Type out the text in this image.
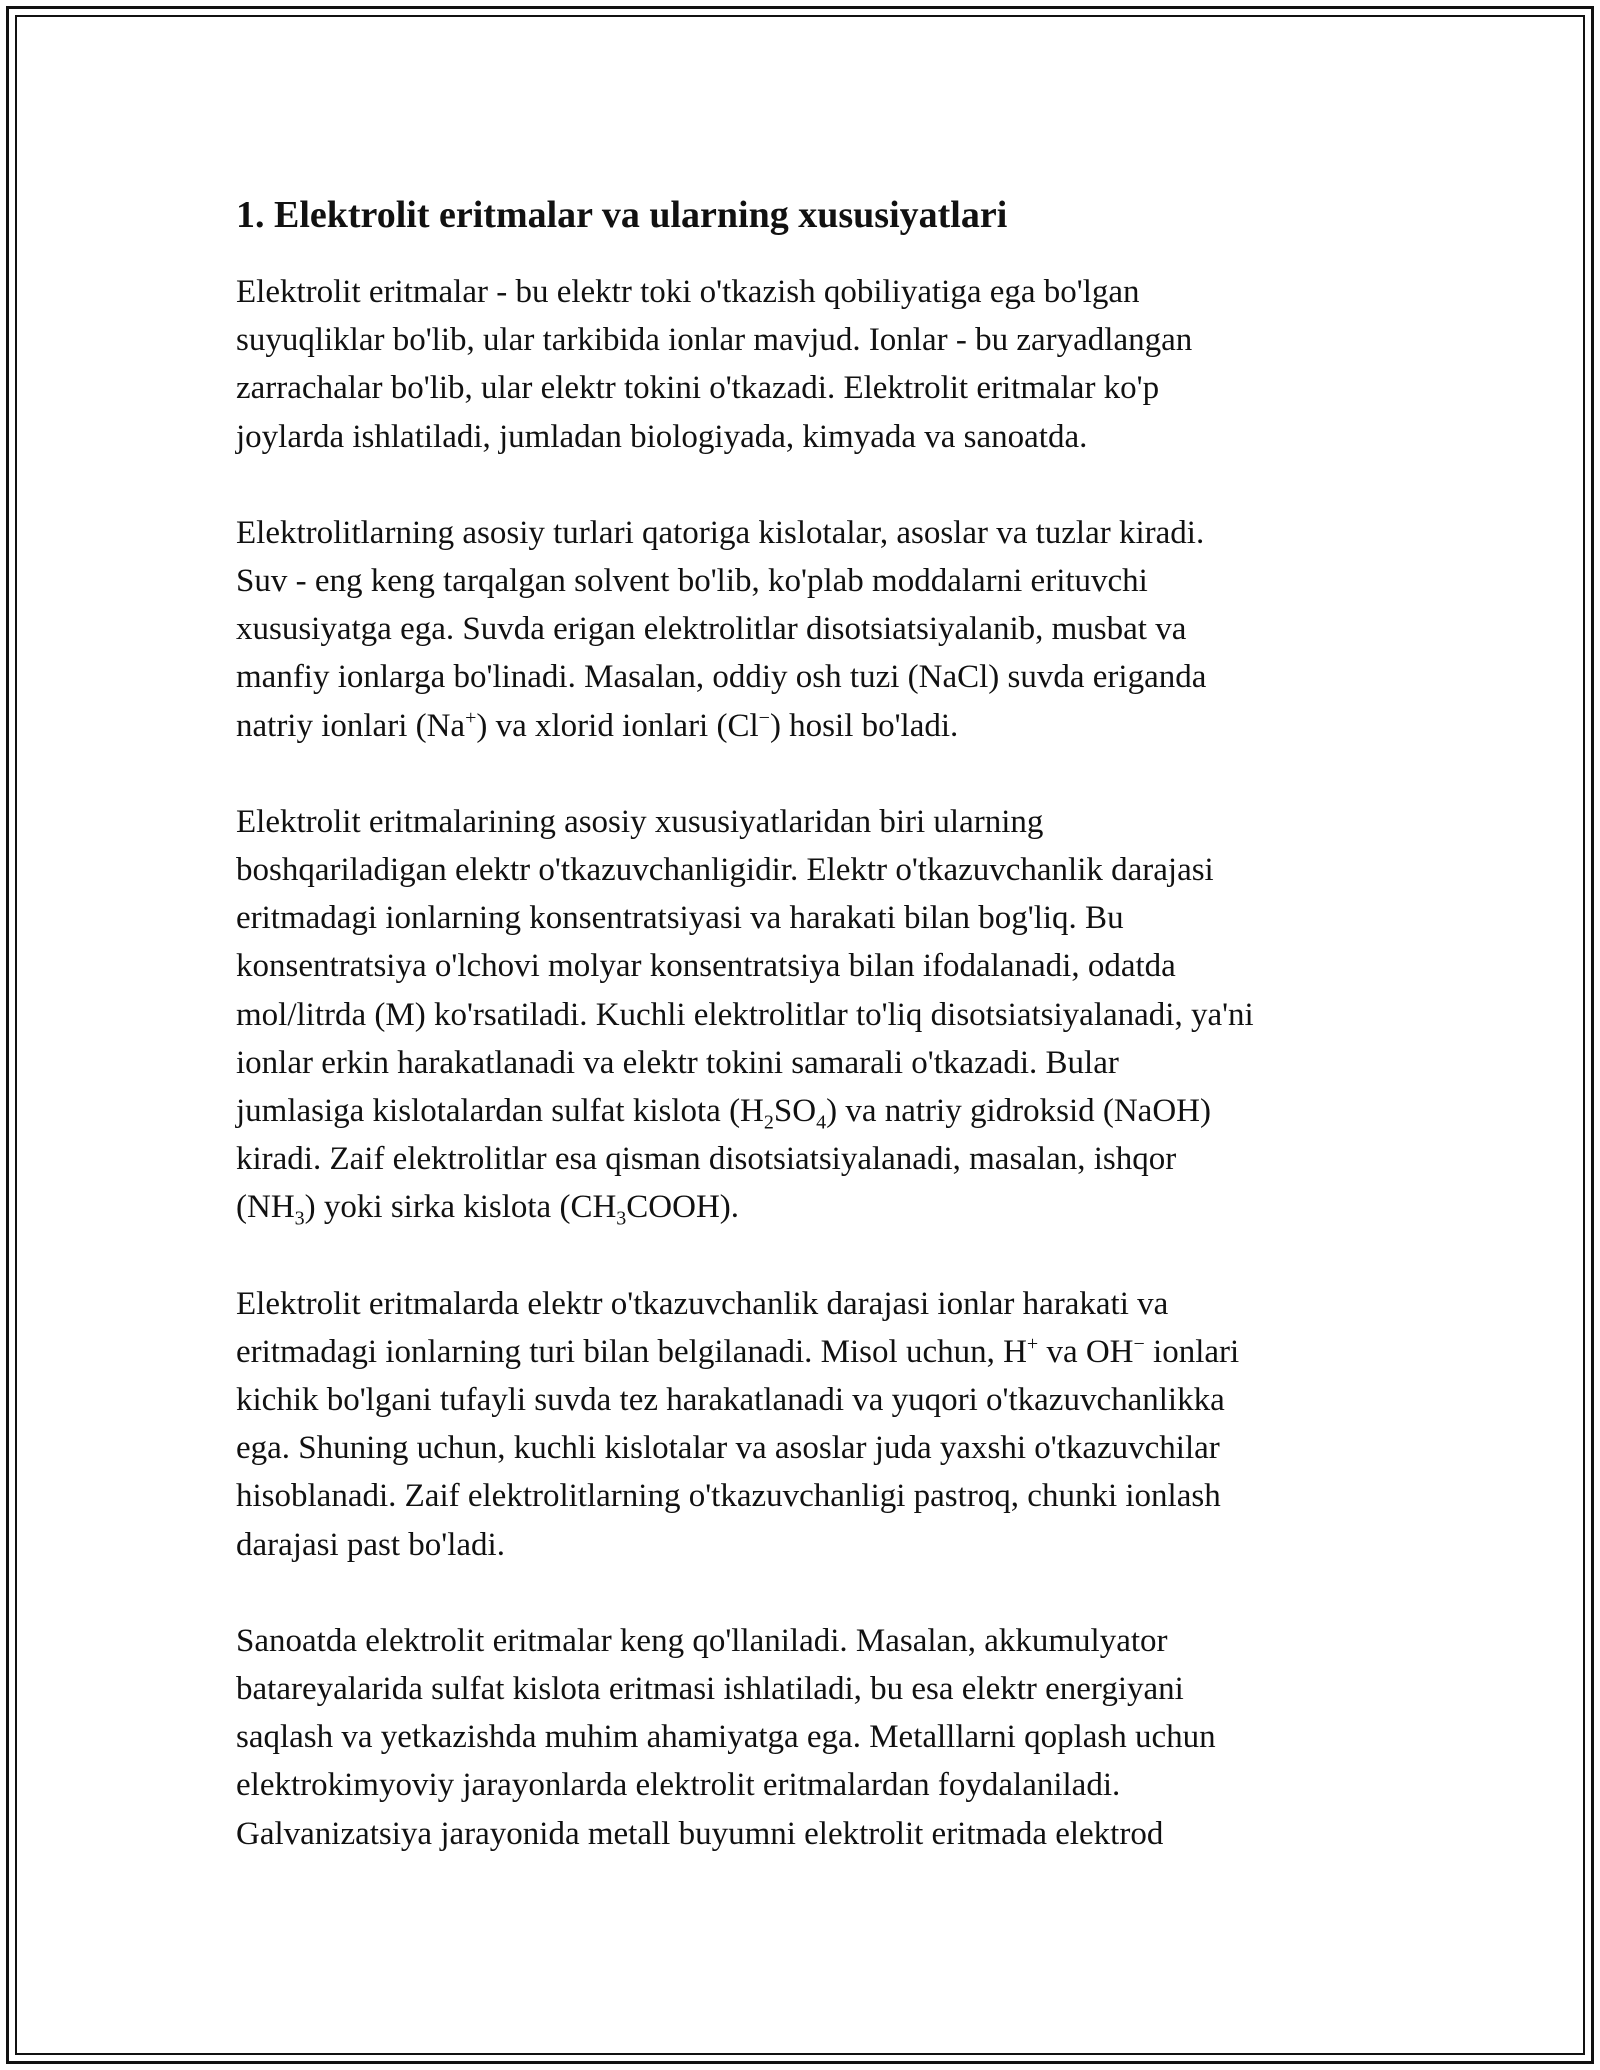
1. Elektrolit eritmalar va ularning xususiyatlari

Elektrolit eritmalar - bu elektr toki o'tkazish qobiliyatiga ega bo'lgan
suyuqliklar bo'lib, ular tarkibida ionlar mavjud. Ionlar - bu zaryadlangan
zarrachalar bo'lib, ular elektr tokini o'tkazadi. Elektrolit eritmalar ko'p
joylarda ishlatiladi, jumladan biologiyada, kimyada va sanoatda.

Elektrolitlarning asosiy turlari qatoriga kislotalar, asoslar va tuzlar kiradi.
Suv - eng keng tarqalgan solvent bo'lib, ko'plab moddalarni erituvchi
xususiyatga ega. Suvda erigan elektrolitlar disotsiatsiyalanib, musbat va
manfiy ionlarga bo'linadi. Masalan, oddiy osh tuzi (NaCl) suvda eriganda
natriy ionlari (Na+) va xlorid ionlari (Cl−) hosil bo'ladi.

Elektrolit eritmalarining asosiy xususiyatlaridan biri ularning
boshqariladigan elektr o'tkazuvchanligidir. Elektr o'tkazuvchanlik darajasi
eritmadagi ionlarning konsentratsiyasi va harakati bilan bog'liq. Bu
konsentratsiya o'lchovi molyar konsentratsiya bilan ifodalanadi, odatda
mol/litrda (M) ko'rsatiladi. Kuchli elektrolitlar to'liq disotsiatsiyalanadi, ya'ni
ionlar erkin harakatlanadi va elektr tokini samarali o'tkazadi. Bular
jumlasiga kislotalardan sulfat kislota $(H_2SO_4)$ va natriy gidroksid (NaOH)
kiradi. Zaif elektrolitlar esa qisman disotsiatsiyalanadi, masalan, ishqor
$(NH_3)$ yoki sirka kislota $(CH_3COOH)$.

Elektrolit eritmalarda elektr o'tkazuvchanlik darajasi ionlar harakati va
eritmadagi ionlarning turi bilan belgilanadi. Misol uchun, H+ va OH− ionlari
kichik bo'lgani tufayli suvda tez harakatlanadi va yuqori o'tkazuvchanlikka
ega. Shuning uchun, kuchli kislotalar va asoslar juda yaxshi o'tkazuvchilar
hisoblanadi. Zaif elektrolitlarning o'tkazuvchanligi pastroq, chunki ionlash
darajasi past bo'ladi.

Sanoatda elektrolit eritmalar keng qo'llaniladi. Masalan, akkumulyator
batareyalarida sulfat kislota eritmasi ishlatiladi, bu esa elektr energiyani
saqlash va yetkazishda muhim ahamiyatga ega. Metalllarni qoplash uchun
elektrokimyoviy jarayonlarda elektrolit eritmalardan foydalaniladi.
Galvanizatsiya jarayonida metall buyumni elektrolit eritmada elektrod
